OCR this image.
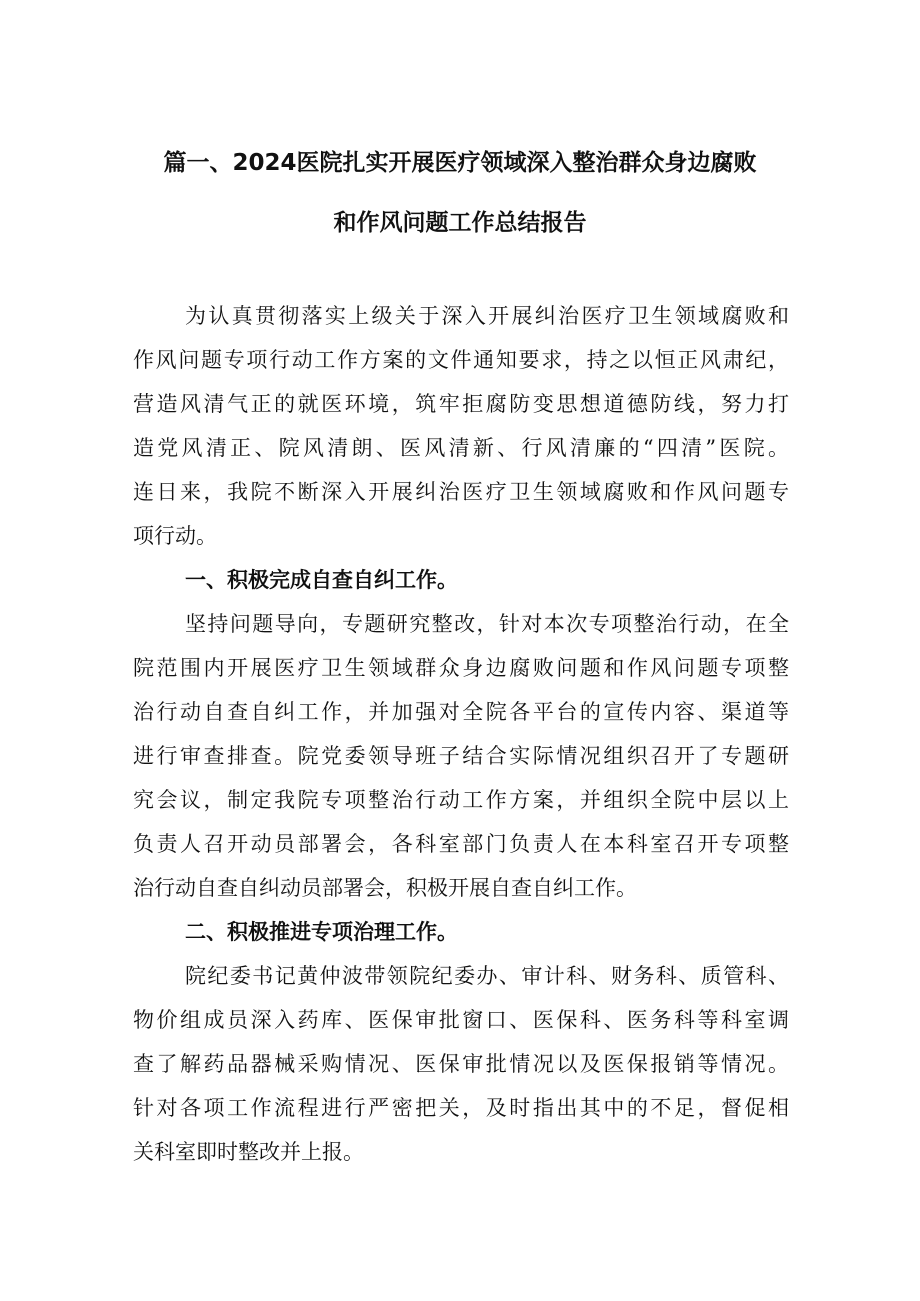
篇一、2024医院扎实开展医疗领域深入整治群众身边腐败
和作风问题工作总结报告
为认真贯彻落实上级关于深入开展纠治医疗卫生领域腐败和
作风问题专项行动工作方案的文件通知要求，持之以恒正风肃纪，
营造风清气正的就医环境，筑牢拒腐防变思想道德防线，努力打
造党风清正、院风清朗、医风清新、行风清廉的“四清”医院。
连日来，我院不断深入开展纠治医疗卫生领域腐败和作风问题专
项行动。
一、积极完成自查自纠工作。
坚持问题导向，专题研究整改，针对本次专项整治行动，在全
院范围内开展医疗卫生领域群众身边腐败问题和作风问题专项整
治行动自查自纠工作，并加强对全院各平台的宣传内容、渠道等
进行审查排查。院党委领导班子结合实际情况组织召开了专题研
究会议，制定我院专项整治行动工作方案，并组织全院中层以上
负责人召开动员部署会，各科室部门负责人在本科室召开专项整
治行动自查自纠动员部署会，积极开展自查自纠工作。
二、积极推进专项治理工作。
院纪委书记黄仲波带领院纪委办、审计科、财务科、质管科、
物价组成员深入药库、医保审批窗口、医保科、医务科等科室调
查了解药品器械采购情况、医保审批情况以及医保报销等情况。
针对各项工作流程进行严密把关，及时指出其中的不足，督促相
关科室即时整改并上报。
